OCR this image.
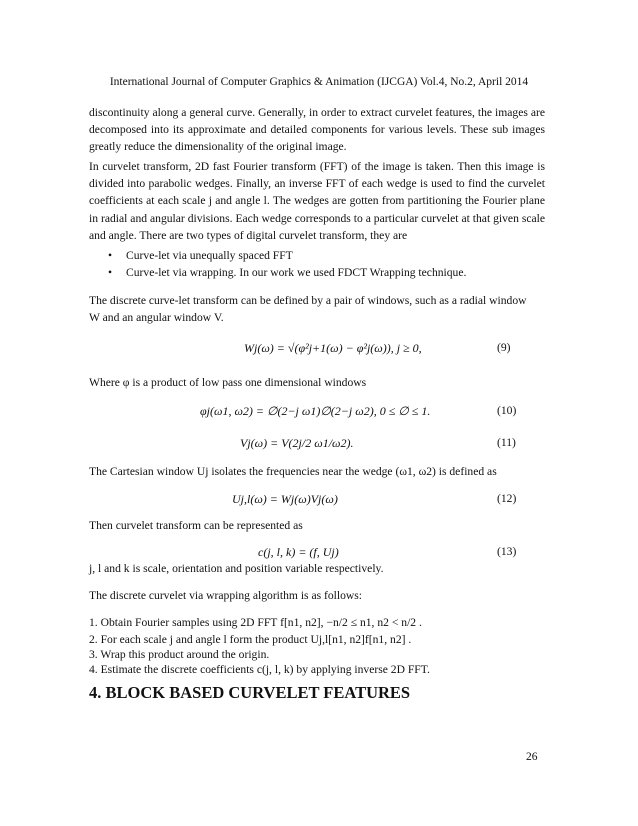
International Journal of Computer Graphics & Animation (IJCGA) Vol.4, No.2, April 2014
discontinuity along a general curve. Generally, in order to extract curvelet features, the images are decomposed into its approximate and detailed components for various levels. These sub images greatly reduce the dimensionality of the original image.
In curvelet transform, 2D fast Fourier transform (FFT) of the image is taken. Then this image is divided into parabolic wedges. Finally, an inverse FFT of each wedge is used to find the curvelet coefficients at each scale j and angle l. The wedges are gotten from partitioning the Fourier plane in radial and angular divisions. Each wedge corresponds to a particular curvelet at that given scale and angle. There are two types of digital curvelet transform, they are
• Curve-let via unequally spaced FFT
• Curve-let via wrapping. In our work we used FDCT Wrapping technique.
The discrete curve-let transform can be defined by a pair of windows, such as a radial window
W and an angular window V.
Wj(ω) = √(φ²j+1(ω) − φ²j(ω)), j ≥ 0,	(9)
Where φ is a product of low pass one dimensional windows
φj(ω1, ω2) = ∅(2−j ω1)∅(2−j ω2), 0 ≤ ∅ ≤ 1.	(10)
Vj(ω) = V(2j/2 ω1/ω2).	(11)
The Cartesian window Uj isolates the frequencies near the wedge (ω1, ω2) is defined as
Uj,l(ω) = Wj(ω)Vj(ω)	(12)
Then curvelet transform can be represented as
c(j, l, k) = (f, Uj)	(13)
j, l and k is scale, orientation and position variable respectively.
The discrete curvelet via wrapping algorithm is as follows:
1. Obtain Fourier samples using 2D FFT f[n1, n2], −n/2 ≤ n1, n2 < n/2 .
2. For each scale j and angle l form the product Uj,l[n1, n2]f[n1, n2] .
3. Wrap this product around the origin.
4. Estimate the discrete coefficients c(j, l, k) by applying inverse 2D FFT.
4. BLOCK BASED CURVELET FEATURES
26
